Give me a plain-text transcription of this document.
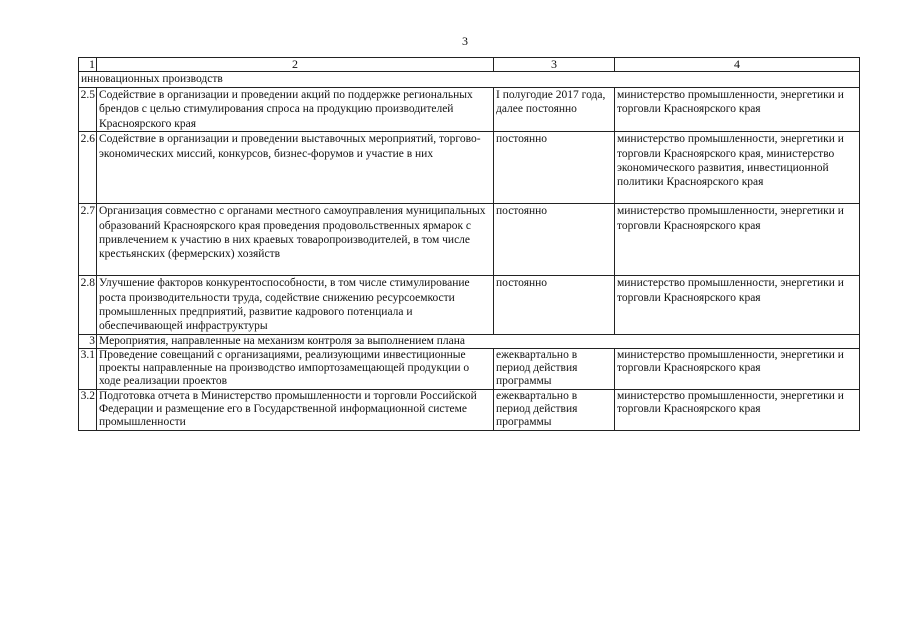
3
1	2	3	4
инновационных производств			
2.5	Содействие в организации и проведении акций по поддержке региональных брендов с целью стимулирования спроса на продукцию производителей Красноярского края	I полугодие 2017 года, далее постоянно	министерство промышленности, энергетики и торговли Красноярского края
2.6	Содействие в организации и проведении выставочных мероприятий, торгово-экономических миссий, конкурсов, бизнес-форумов и участие в них	постоянно	министерство промышленности, энергетики и торговли Красноярского края, министерство экономического развития, инвестиционной политики Красноярского края
2.7	Организация совместно с органами местного самоуправления муниципальных образований Красноярского края проведения продовольственных ярмарок с привлечением к участию в них краевых товаропроизводителей, в том числе крестьянских (фермерских) хозяйств	постоянно	министерство промышленности, энергетики и торговли Красноярского края
2.8	Улучшение факторов конкурентоспособности, в том числе стимулирование роста производительности труда, содействие снижению ресурсоемкости промышленных предприятий, развитие кадрового потенциала и обеспечивающей инфраструктуры	постоянно	министерство промышленности, энергетики и торговли Красноярского края
3	Мероприятия, направленные на механизм контроля за выполнением плана		
3.1	Проведение совещаний с организациями, реализующими инвестиционные проекты направленные на производство импортозамещающей продукции о ходе реализации проектов	ежеквартально в период действия программы	министерство промышленности, энергетики и торговли Красноярского края
3.2	Подготовка отчета в Министерство промышленности и торговли Российской Федерации и размещение его в Государственной информационной системе промышленности	ежеквартально в период действия программы	министерство промышленности, энергетики и торговли Красноярского края
